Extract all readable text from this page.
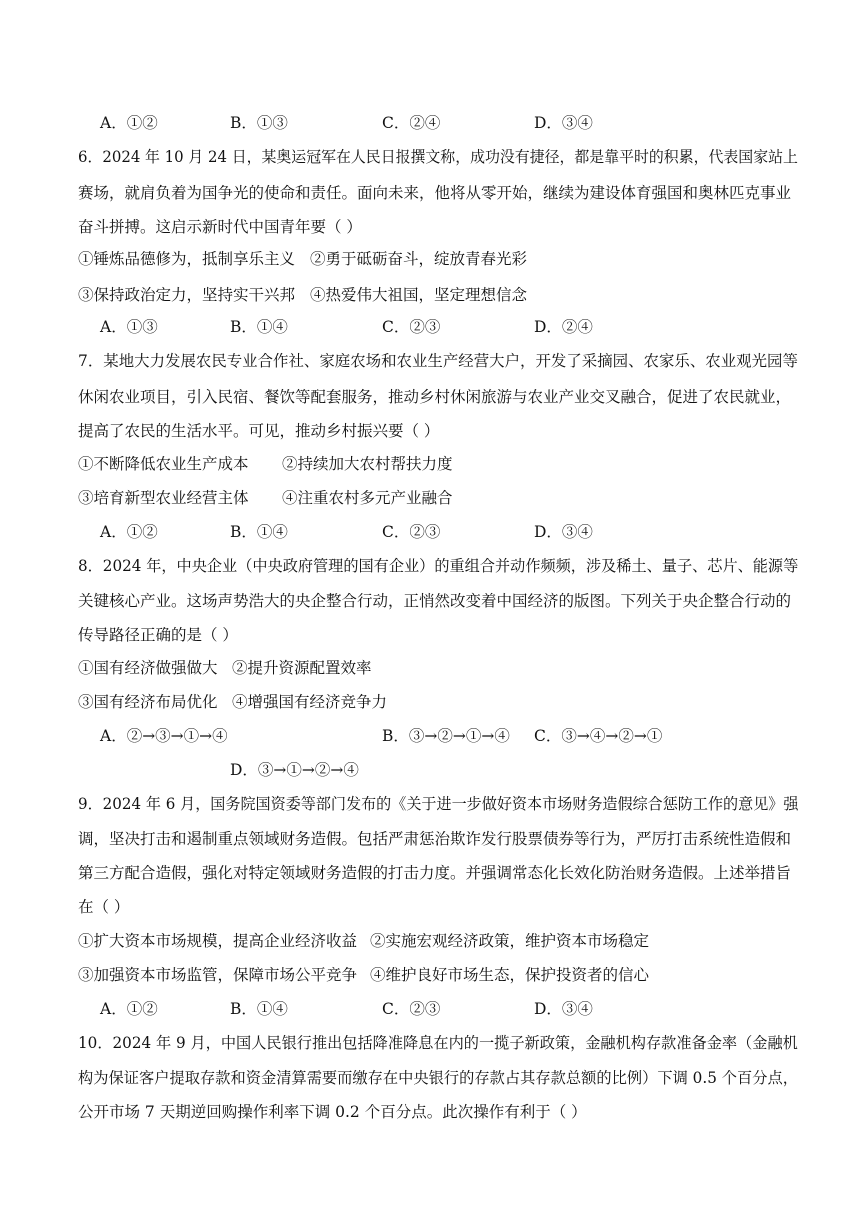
A．①②	B．①③	C．②④	D．③④
6．2024 年 10 月 24 日，某奥运冠军在人民日报撰文称，成功没有捷径，都是靠平时的积累，代表国家站上
赛场，就肩负着为国争光的使命和责任。面向未来，他将从零开始，继续为建设体育强国和奥林匹克事业
奋斗拼搏。这启示新时代中国青年要（ ）
①锤炼品德修为，抵制享乐主义 ②勇于砥砺奋斗，绽放青春光彩
③保持政治定力，坚持实干兴邦 ④热爱伟大祖国，坚定理想信念
A．①③	B．①④	C．②③	D．②④
7．某地大力发展农民专业合作社、家庭农场和农业生产经营大户，开发了采摘园、农家乐、农业观光园等
休闲农业项目，引入民宿、餐饮等配套服务，推动乡村休闲旅游与农业产业交叉融合，促进了农民就业，
提高了农民的生活水平。可见，推动乡村振兴要（ ）
①不断降低农业生产成本 ②持续加大农村帮扶力度
③培育新型农业经营主体 ④注重农村多元产业融合
A．①②	B．①④	C．②③	D．③④
8．2024 年，中央企业（中央政府管理的国有企业）的重组合并动作频频，涉及稀土、量子、芯片、能源等
关键核心产业。这场声势浩大的央企整合行动，正悄然改变着中国经济的版图。下列关于央企整合行动的
传导路径正确的是（ ）
①国有经济做强做大 ②提升资源配置效率
③国有经济布局优化 ④增强国有经济竞争力
A．②→③→①→④	B．③→②→①→④ C．③→④→②→①
D．③→①→②→④
9．2024 年 6 月，国务院国资委等部门发布的《关于进一步做好资本市场财务造假综合惩防工作的意见》强
调，坚决打击和遏制重点领域财务造假。包括严肃惩治欺诈发行股票债券等行为，严厉打击系统性造假和
第三方配合造假，强化对特定领域财务造假的打击力度。并强调常态化长效化防治财务造假。上述举措旨
在（ ）
①扩大资本市场规模，提高企业经济收益 ②实施宏观经济政策，维护资本市场稳定
③加强资本市场监管，保障市场公平竞争 ④维护良好市场生态，保护投资者的信心
A．①②	B．①④	C．②③	D．③④
10．2024 年 9 月，中国人民银行推出包括降准降息在内的一揽子新政策，金融机构存款准备金率（金融机
构为保证客户提取存款和资金清算需要而缴存在中央银行的存款占其存款总额的比例）下调 0.5 个百分点，
公开市场 7 天期逆回购操作利率下调 0.2 个百分点。此次操作有利于（ ）
